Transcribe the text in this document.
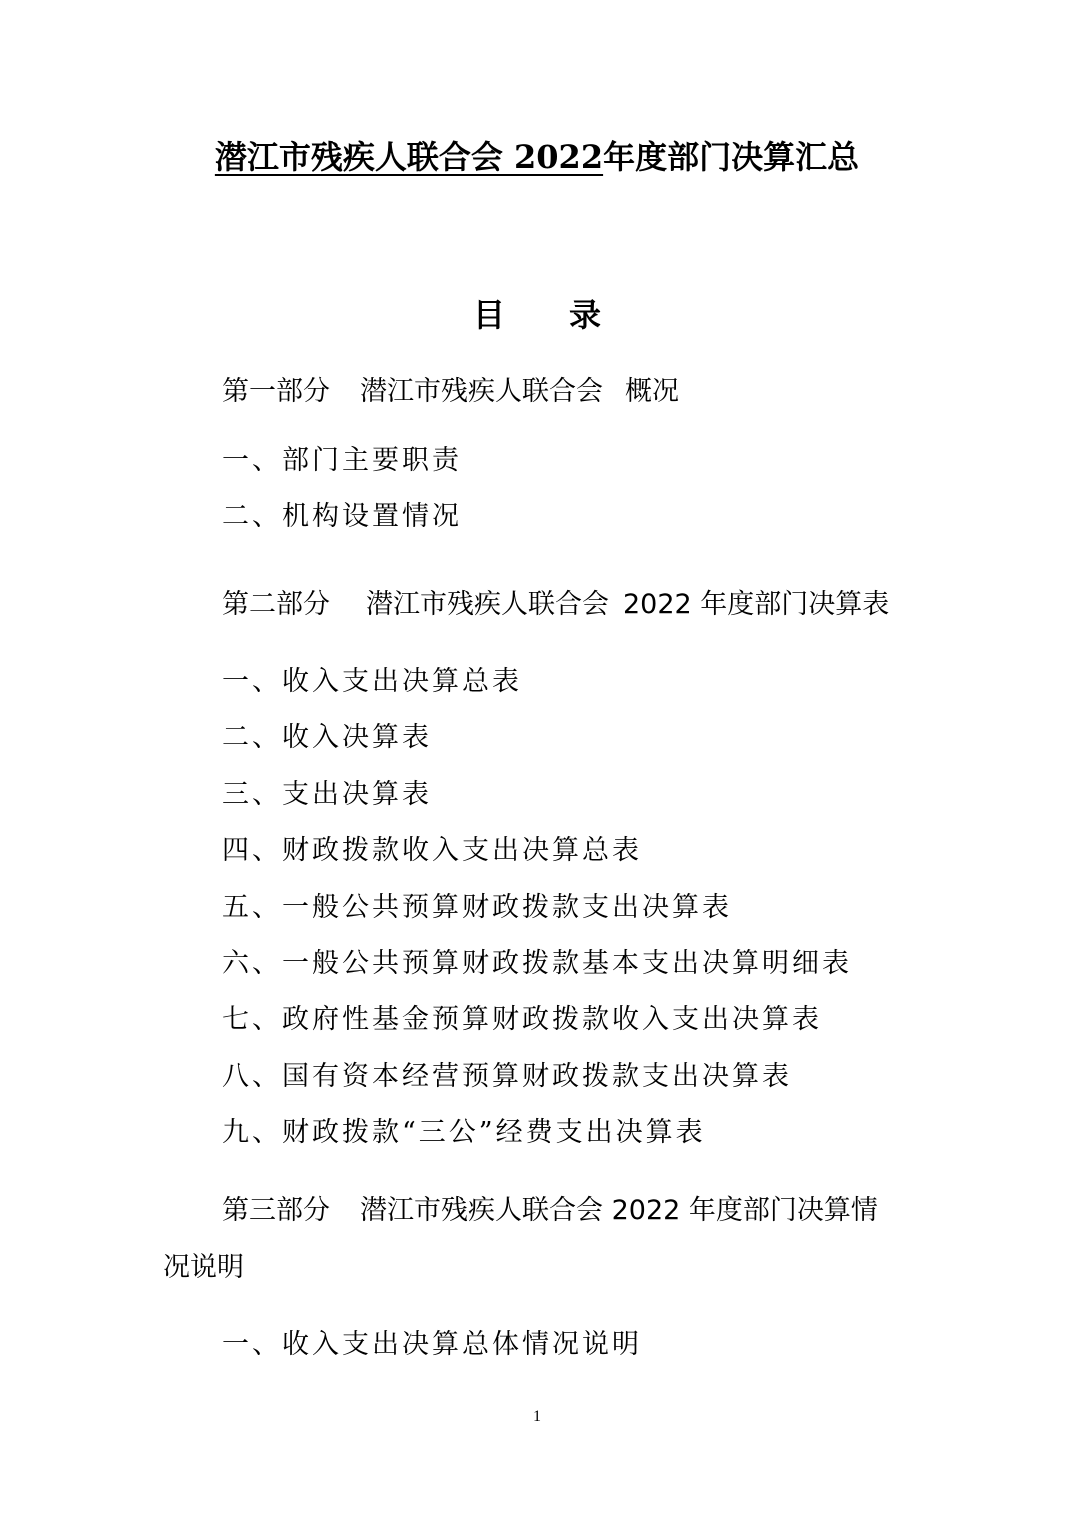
潜江市残疾人联合会 2022年度部门决算汇总
目 录
第一部分 潜江市残疾人联合会 概况
一、部门主要职责
二、机构设置情况
第二部分 潜江市残疾人联合会 2022 年度部门决算表
一、收入支出决算总表
二、收入决算表
三、支出决算表
四、财政拨款收入支出决算总表
五、一般公共预算财政拨款支出决算表
六、一般公共预算财政拨款基本支出决算明细表
七、政府性基金预算财政拨款收入支出决算表
八、国有资本经营预算财政拨款支出决算表
九、财政拨款“三公”经费支出决算表
第三部分 潜江市残疾人联合会 2022 年度部门决算情
况说明
一、收入支出决算总体情况说明
1
